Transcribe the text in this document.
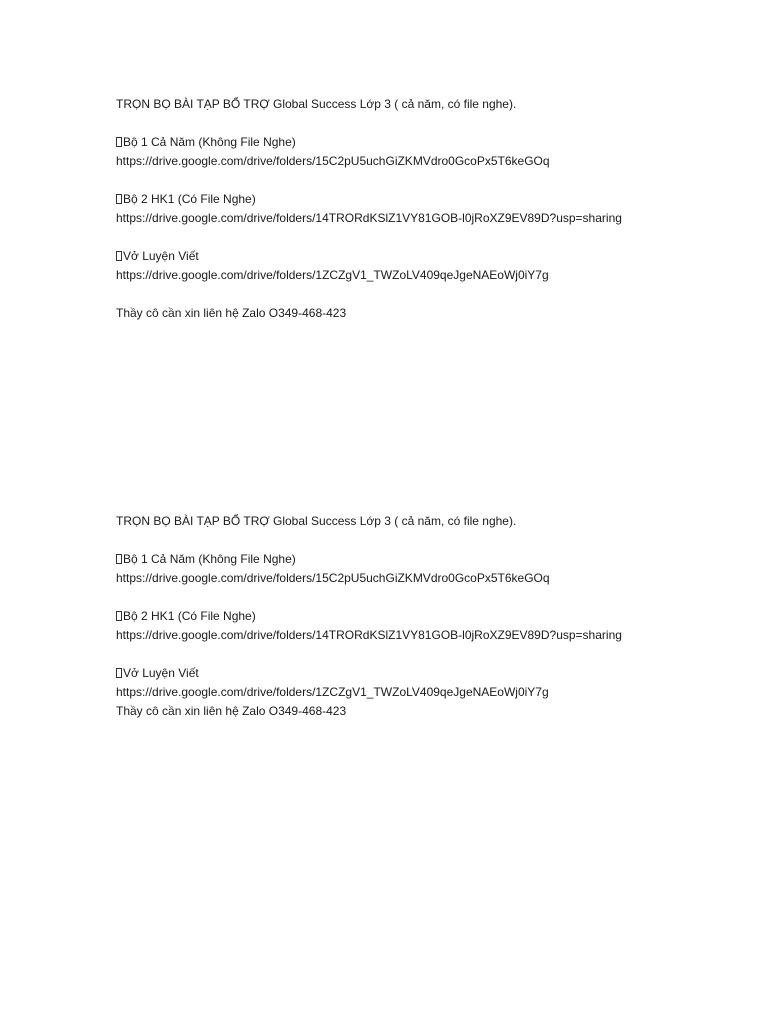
TRỌN BỌ BÀI TẠP BỔ TRỢ Global Success Lớp 3 ( cả năm, có file nghe).
Bộ 1 Cả Năm (Không File Nghe)
https://drive.google.com/drive/folders/15C2pU5uchGiZKMVdro0GcoPx5T6keGOq
Bộ 2 HK1 (Có File Nghe)
https://drive.google.com/drive/folders/14TRORdKSlZ1VY81GOB-l0jRoXZ9EV89D?usp=sharing
Vở Luyện Viết
https://drive.google.com/drive/folders/1ZCZgV1_TWZoLV409qeJgeNAEoWj0iY7g
Thầy cô cần xin liên hệ Zalo O349-468-423
TRỌN BỌ BÀI TẠP BỔ TRỢ Global Success Lớp 3 ( cả năm, có file nghe).
Bộ 1 Cả Năm (Không File Nghe)
https://drive.google.com/drive/folders/15C2pU5uchGiZKMVdro0GcoPx5T6keGOq
Bộ 2 HK1 (Có File Nghe)
https://drive.google.com/drive/folders/14TRORdKSlZ1VY81GOB-l0jRoXZ9EV89D?usp=sharing
Vở Luyện Viết
https://drive.google.com/drive/folders/1ZCZgV1_TWZoLV409qeJgeNAEoWj0iY7g
Thầy cô cần xin liên hệ Zalo O349-468-423
